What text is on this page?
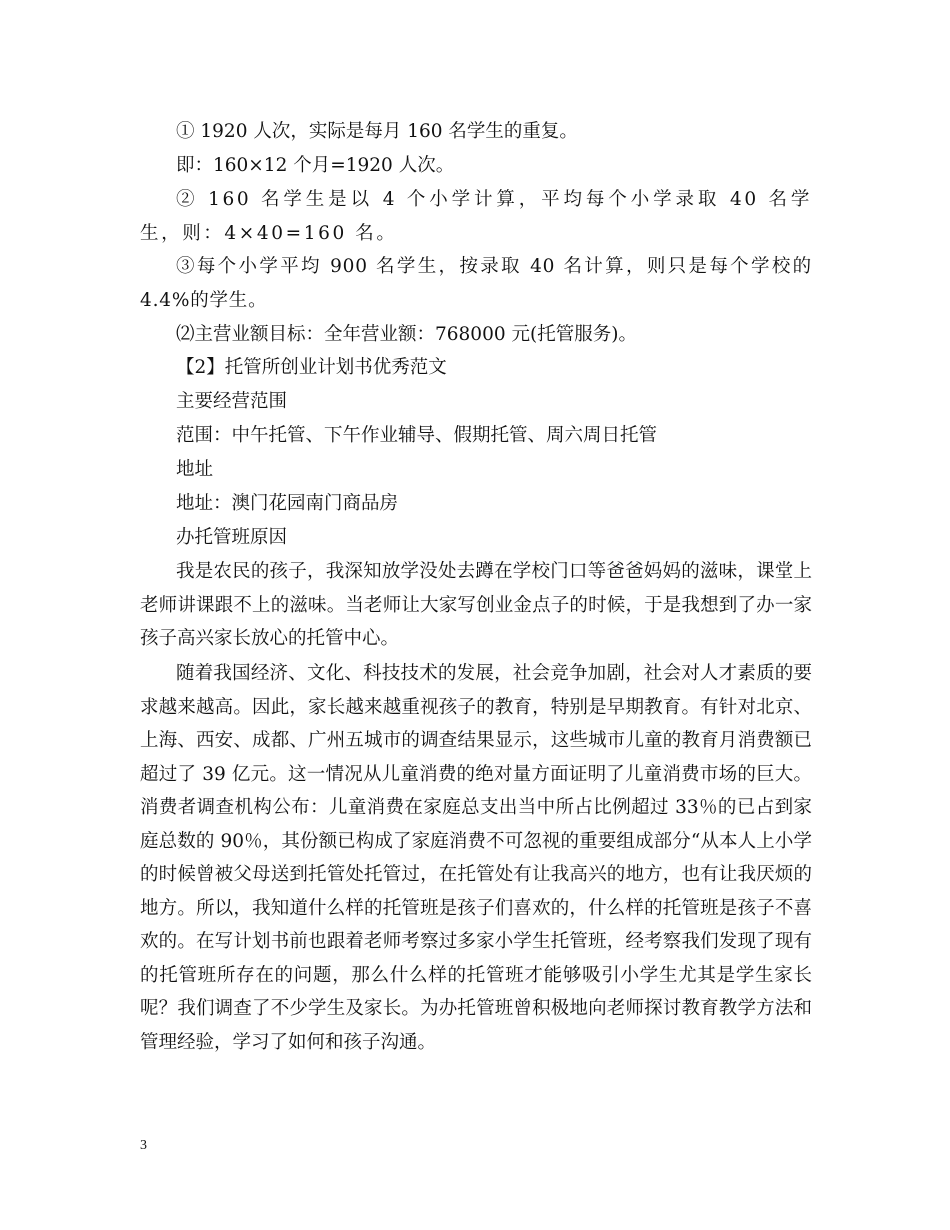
① 1920 人次，实际是每月 160 名学生的重复。

即：160×12 个月=1920 人次。

② 160 名学生是以 4 个小学计算，平均每个小学录取 40 名学生，则：4×40=160 名。

③每个小学平均 900 名学生，按录取 40 名计算，则只是每个学校的 4.4%的学生。

⑵主营业额目标：全年营业额：768000 元(托管服务)。

【2】托管所创业计划书优秀范文

主要经营范围

范围：中午托管、下午作业辅导、假期托管、周六周日托管

地址

地址：澳门花园南门商品房

办托管班原因

我是农民的孩子，我深知放学没处去蹲在学校门口等爸爸妈妈的滋味，课堂上老师讲课跟不上的滋味。当老师让大家写创业金点子的时候，于是我想到了办一家孩子高兴家长放心的托管中心。

随着我国经济、文化、科技技术的发展，社会竞争加剧，社会对人才素质的要求越来越高。因此，家长越来越重视孩子的教育，特别是早期教育。有针对北京、上海、西安、成都、广州五城市的调查结果显示，这些城市儿童的教育月消费额已超过了 39 亿元。这一情况从儿童消费的绝对量方面证明了儿童消费市场的巨大。消费者调查机构公布：儿童消费在家庭总支出当中所占比例超过 33％的已占到家庭总数的 90％，其份额已构成了家庭消费不可忽视的重要组成部分“从本人上小学的时候曾被父母送到托管处托管过，在托管处有让我高兴的地方，也有让我厌烦的地方。所以，我知道什么样的托管班是孩子们喜欢的，什么样的托管班是孩子不喜欢的。在写计划书前也跟着老师考察过多家小学生托管班，经考察我们发现了现有的托管班所存在的问题，那么什么样的托管班才能够吸引小学生尤其是学生家长呢？我们调查了不少学生及家长。为办托管班曾积极地向老师探讨教育教学方法和管理经验，学习了如何和孩子沟通。

3
